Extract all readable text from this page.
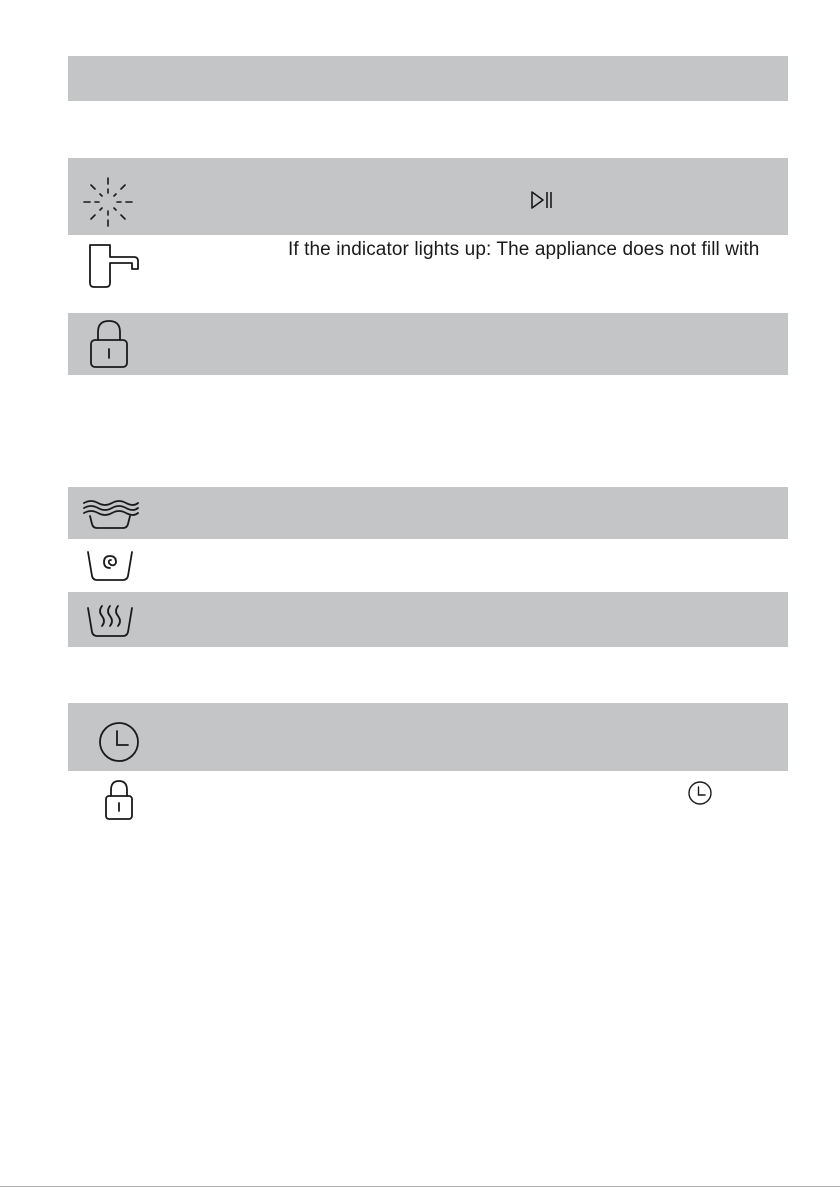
If the indicator lights up: The appliance does not fill with
